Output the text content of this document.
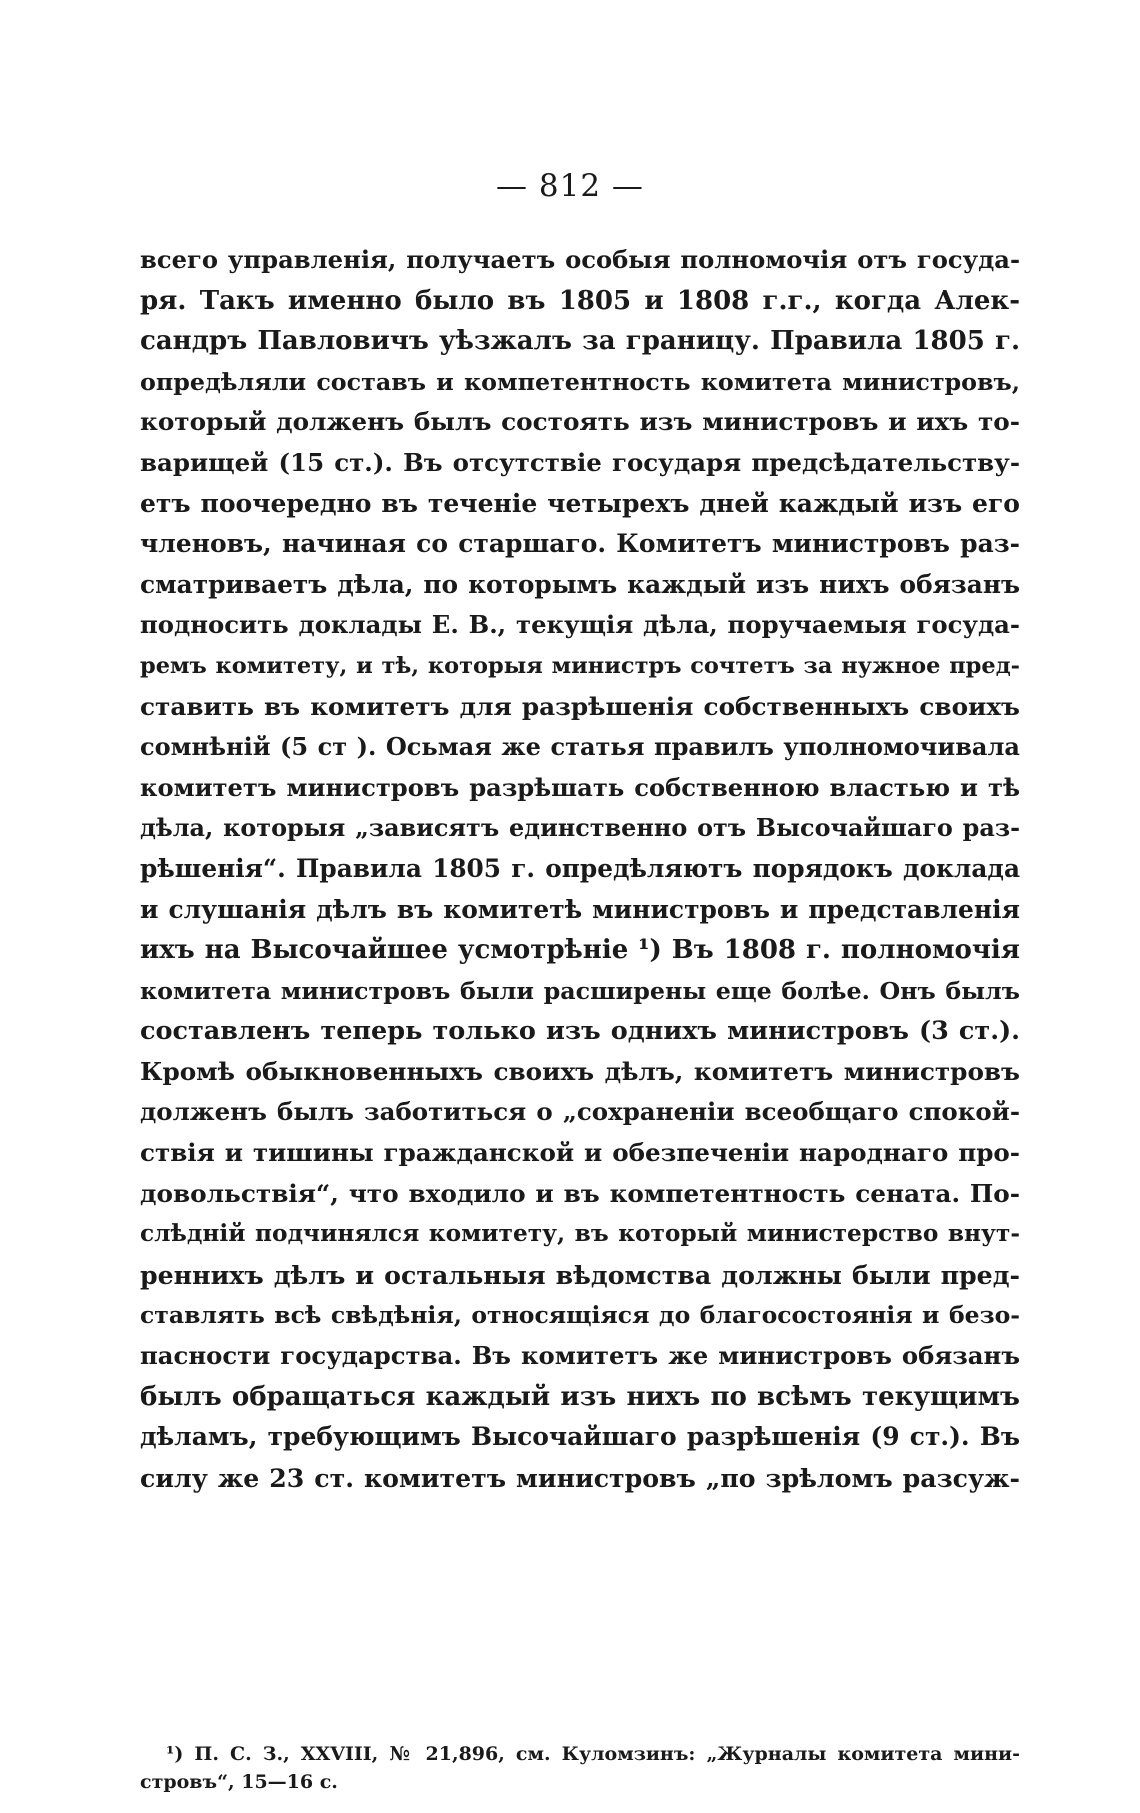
— 812 —
всего управленія, получаетъ особыя полномочія отъ госуда-
ря. Такъ именно было въ 1805 и 1808 г.г., когда Алек-
сандръ Павловичъ уѣзжалъ за границу. Правила 1805 г.
опредѣляли составъ и компетентность комитета министровъ,
который долженъ былъ состоять изъ министровъ и ихъ то-
варищей (15 ст.). Въ отсутствіе государя предсѣдательству-
етъ поочередно въ теченіе четырехъ дней каждый изъ его
членовъ, начиная со старшаго. Комитетъ министровъ раз-
сматриваетъ дѣла, по которымъ каждый изъ нихъ обязанъ
подносить доклады Е. В., текущія дѣла, поручаемыя госуда-
ремъ комитету, и тѣ, которыя министръ сочтетъ за нужное пред-
ставить въ комитетъ для разрѣшенія собственныхъ своихъ
сомнѣній (5 ст ). Осьмая же статья правилъ уполномочивала
комитетъ министровъ разрѣшать собственною властью и тѣ
дѣла, которыя „зависятъ единственно отъ Высочайшаго раз-
рѣшенія“. Правила 1805 г. опредѣляютъ порядокъ доклада
и слушанія дѣлъ въ комитетѣ министровъ и представленія
ихъ на Высочайшее усмотрѣніе ¹) Въ 1808 г. полномочія
комитета министровъ были расширены еще болѣе. Онъ былъ
составленъ теперь только изъ однихъ министровъ (3 ст.).
Кромѣ обыкновенныхъ своихъ дѣлъ, комитетъ министровъ
долженъ былъ заботиться о „сохраненіи всеобщаго спокой-
ствія и тишины гражданской и обезпеченіи народнаго про-
довольствія“, что входило и въ компетентность сената. По-
слѣдній подчинялся комитету, въ который министерство внут-
реннихъ дѣлъ и остальныя вѣдомства должны были пред-
ставлять всѣ свѣдѣнія, относящіяся до благосостоянія и безо-
пасности государства. Въ комитетъ же министровъ обязанъ
былъ обращаться каждый изъ нихъ по всѣмъ текущимъ
дѣламъ, требующимъ Высочайшаго разрѣшенія (9 ст.). Въ
силу же 23 ст. комитетъ министровъ „по зрѣломъ разсуж-
¹) П. С. З., XXVIII, № 21,896, см. Куломзинъ: „Журналы комитета мини-
стровъ“, 15—16 с.
